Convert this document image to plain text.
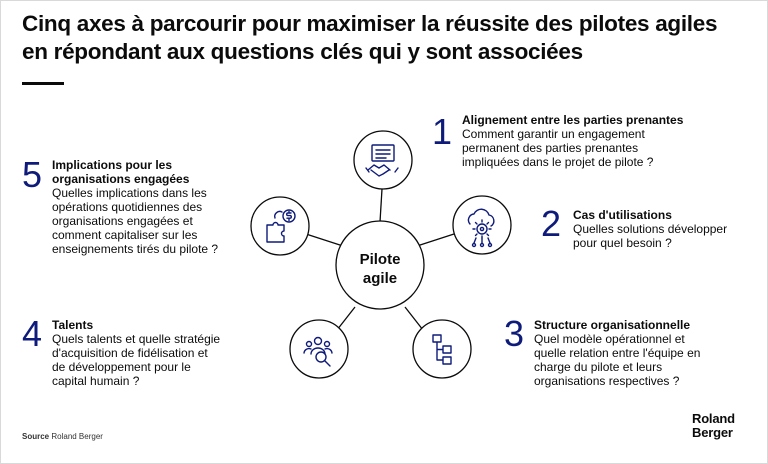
Cinq axes à parcourir pour maximiser la réussite des pilotes agiles en répondant aux questions clés qui y sont associées
Pilote
agile
1 Alignement entre les parties prenantes
Comment garantir un engagement
permanent des parties prenantes
impliquées dans le projet de pilote ?
2 Cas d'utilisations
Quelles solutions développer
pour quel besoin ?
3 Structure organisationnelle
Quel modèle opérationnel et
quelle relation entre l'équipe en
charge du pilote et leurs
organisations respectives ?
4 Talents
Quels talents et quelle stratégie
d'acquisition de fidélisation et
de développement pour le
capital humain ?
5 Implications pour les
organisations engagées
Quelles implications dans les
opérations quotidiennes des
organisations engagées et
comment capitaliser sur les
enseignements tirés du pilote ?
Source Roland Berger
Roland
Berger
